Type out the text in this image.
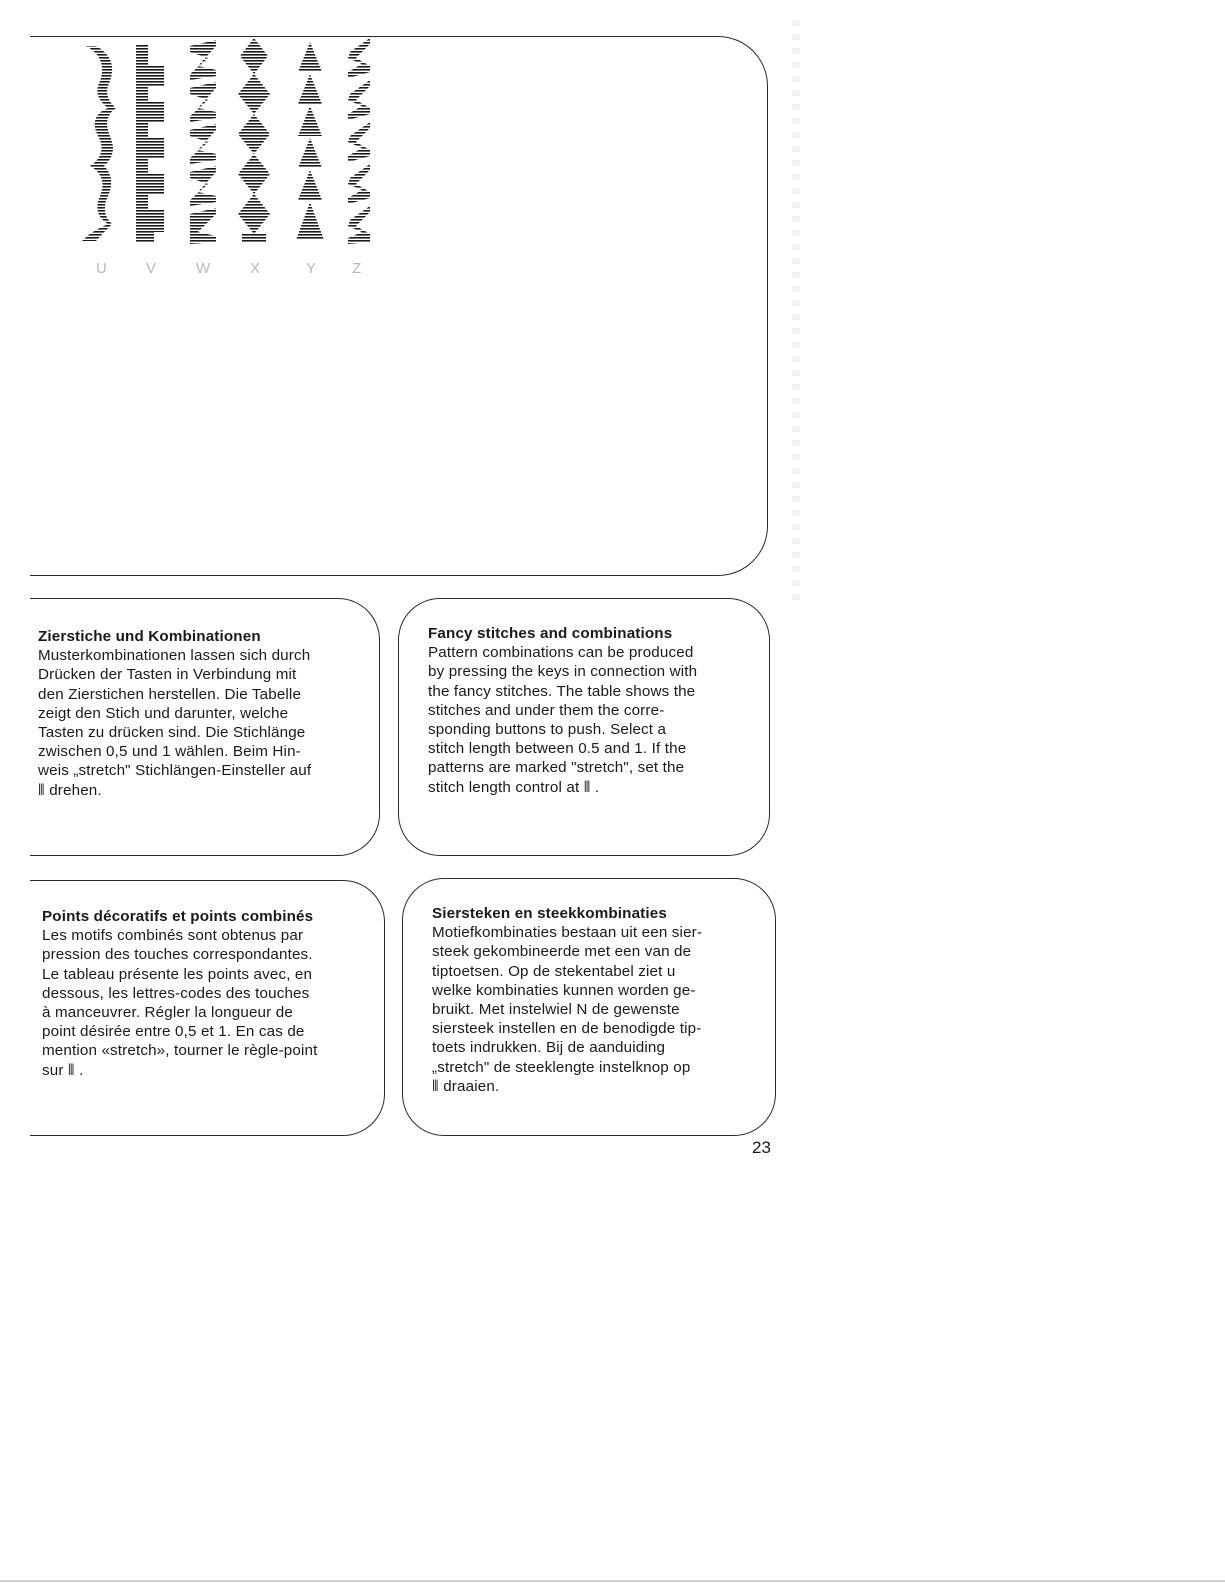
U	V	W	X	Y Z
Zierstiche und Kombinationen

Musterkombinationen lassen sich durch
Drücken der Tasten in Verbindung mit
den Zierstichen herstellen. Die Tabelle
zeigt den Stich und darunter, welche
Tasten zu drücken sind. Die Stichlänge
zwischen 0,5 und 1 wählen. Beim Hin-
weis „stretch" Stichlängen-Einsteller auf
⦀ drehen.

Fancy stitches and combinations

Pattern combinations can be produced
by pressing the keys in connection with
the fancy stitches. The table shows the
stitches and under them the corre-
sponding buttons to push. Select a
stitch length between 0.5 and 1. If the
patterns are marked "stretch", set the
stitch length control at ⦀ .

Points décoratifs et points combinés

Les motifs combinés sont obtenus par
pression des touches correspondantes.
Le tableau présente les points avec, en
dessous, les lettres-codes des touches
à manceuvrer. Régler la longueur de
point désirée entre 0,5 et 1. En cas de
mention «stretch», tourner le règle-point
sur ⦀ .

Siersteken en steekkombinaties

Motiefkombinaties bestaan uit een sier-
steek gekombineerde met een van de
tiptoetsen. Op de stekentabel ziet u
welke kombinaties kunnen worden ge-
bruikt. Met instelwiel N de gewenste
siersteek instellen en de benodigde tip-
toets indrukken. Bij de aanduiding
„stretch" de steeklengte instelknop op
⦀ draaien.

23
